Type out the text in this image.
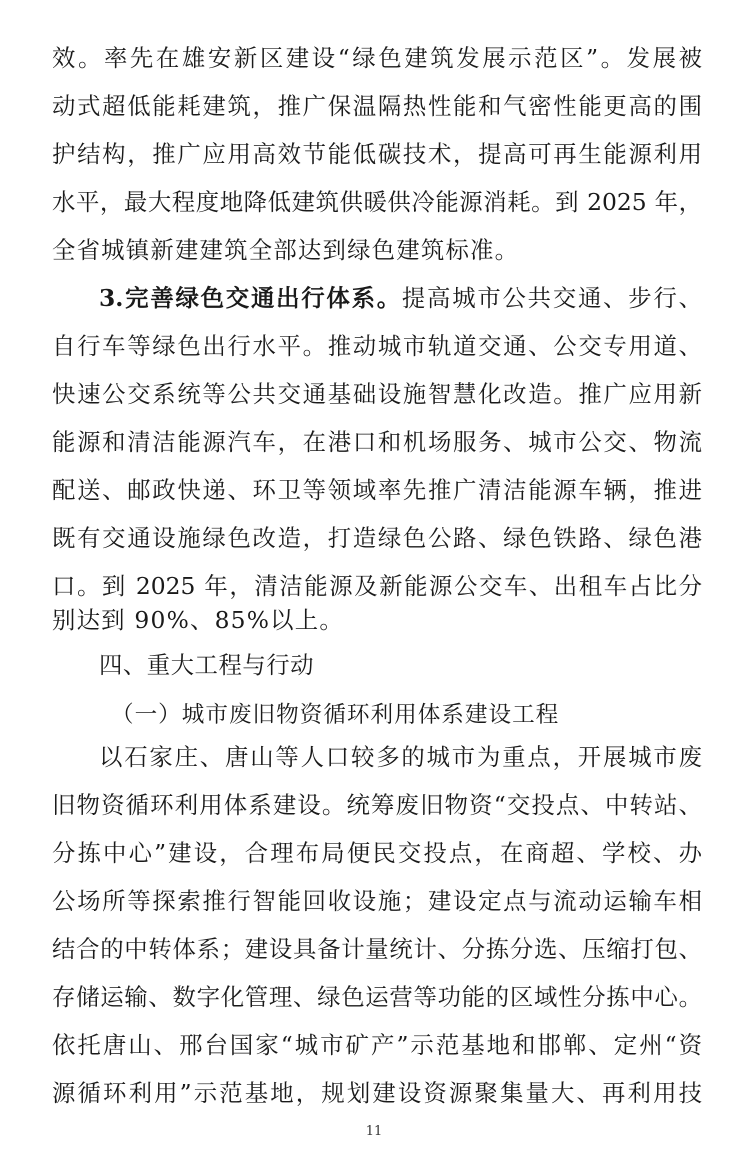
效。率先在雄安新区建设“绿色建筑发展示范区”。发展被
动式超低能耗建筑，推广保温隔热性能和气密性能更高的围
护结构，推广应用高效节能低碳技术，提高可再生能源利用
水平，最大程度地降低建筑供暖供冷能源消耗。到 2025 年，
全省城镇新建建筑全部达到绿色建筑标准。
3.完善绿色交通出行体系。提高城市公共交通、步行、
自行车等绿色出行水平。推动城市轨道交通、公交专用道、
快速公交系统等公共交通基础设施智慧化改造。推广应用新
能源和清洁能源汽车，在港口和机场服务、城市公交、物流
配送、邮政快递、环卫等领域率先推广清洁能源车辆，推进
既有交通设施绿色改造，打造绿色公路、绿色铁路、绿色港
口。到 2025 年，清洁能源及新能源公交车、出租车占比分
别达到 90%、85%以上。
四、重大工程与行动
（一）城市废旧物资循环利用体系建设工程
以石家庄、唐山等人口较多的城市为重点，开展城市废
旧物资循环利用体系建设。统筹废旧物资“交投点、中转站、
分拣中心”建设，合理布局便民交投点，在商超、学校、办
公场所等探索推行智能回收设施；建设定点与流动运输车相
结合的中转体系；建设具备计量统计、分拣分选、压缩打包、
存储运输、数字化管理、绿色运营等功能的区域性分拣中心。
依托唐山、邢台国家“城市矿产”示范基地和邯郸、定州“资
源循环利用”示范基地，规划建设资源聚集量大、再利用技
11
